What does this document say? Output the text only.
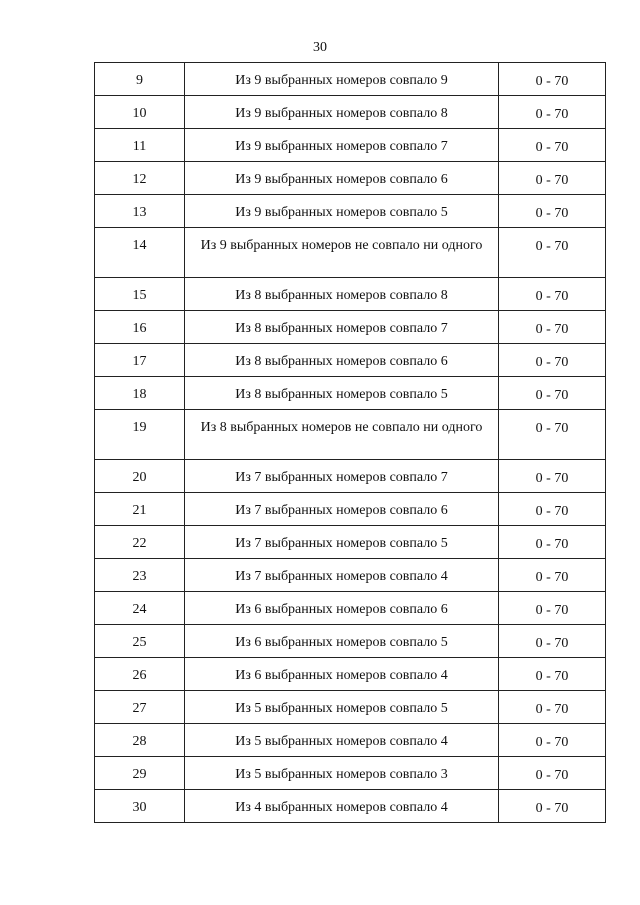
30
9	Из 9 выбранных номеров совпало 9	0 - 70
10	Из 9 выбранных номеров совпало 8	0 - 70
11	Из 9 выбранных номеров совпало 7	0 - 70
12	Из 9 выбранных номеров совпало 6	0 - 70
13	Из 9 выбранных номеров совпало 5	0 - 70
14	Из 9 выбранных номеров не совпало ни одного	0 - 70
15	Из 8 выбранных номеров совпало 8	0 - 70
16	Из 8 выбранных номеров совпало 7	0 - 70
17	Из 8 выбранных номеров совпало 6	0 - 70
18	Из 8 выбранных номеров совпало 5	0 - 70
19	Из 8 выбранных номеров не совпало ни одного	0 - 70
20	Из 7 выбранных номеров совпало 7	0 - 70
21	Из 7 выбранных номеров совпало 6	0 - 70
22	Из 7 выбранных номеров совпало 5	0 - 70
23	Из 7 выбранных номеров совпало 4	0 - 70
24	Из 6 выбранных номеров совпало 6	0 - 70
25	Из 6 выбранных номеров совпало 5	0 - 70
26	Из 6 выбранных номеров совпало 4	0 - 70
27	Из 5 выбранных номеров совпало 5	0 - 70
28	Из 5 выбранных номеров совпало 4	0 - 70
29	Из 5 выбранных номеров совпало 3	0 - 70
30	Из 4 выбранных номеров совпало 4	0 - 70
